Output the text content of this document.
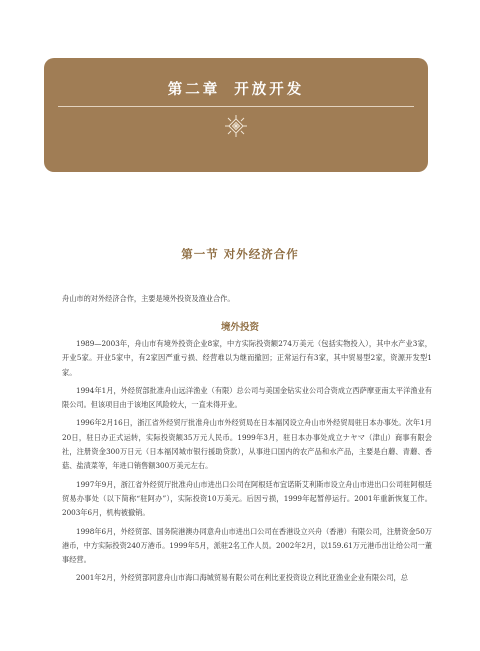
第二章 开放开发
第一节 对外经济合作
舟山市的对外经济合作，主要是境外投资及渔业合作。
境外投资

1989—2003年，舟山市有境外投资企业8家，中方实际投资额274万美元（包括实物投入），其中水产业3家，开业5家。开业5家中，有2家因严重亏损、经营难以为继而撤回；正常运行有3家，其中贸易型2家，资源开发型1家。

1994年1月，外经贸部批准舟山远洋渔业（有限）总公司与美国金钻实业公司合资成立西萨摩亚南太平洋渔业有限公司。但该项目由于该地区风险较大，一直未得开业。

1996年2月16日，浙江省外经贸厅批准舟山市外经贸局在日本福冈设立舟山市外经贸局驻日本办事处。次年1月20日，驻日办正式运转，实际投资额35万元人民币。1999年3月，驻日本办事处成立ナヤマ（津山）商事有限会社，注册资金300万日元（日本福冈城市银行援助贷款），从事进口国内的农产品和水产品，主要是白蘑、青蘑、香菇、盐渍菜等，年进口销售额300万美元左右。

1997年9月，浙江省外经贸厅批准舟山市进出口公司在阿根廷布宜诺斯艾利斯市设立舟山市进出口公司驻阿根廷贸易办事处（以下简称“驻阿办”），实际投资10万美元。后因亏损，1999年起暂停运行。2001年重新恢复工作。2003年6月，机构被撤销。

1998年6月，外经贸部、国务院港澳办同意舟山市进出口公司在香港设立兴舟（香港）有限公司，注册资金50万港币，中方实际投资240万港币。1999年5月，派驻2名工作人员。2002年2月，以159.61万元港币出让给公司一董事经营。

2001年2月，外经贸部同意舟山市海口海城贸易有限公司在利比亚投资设立利比亚渔业企业有限公司，总
